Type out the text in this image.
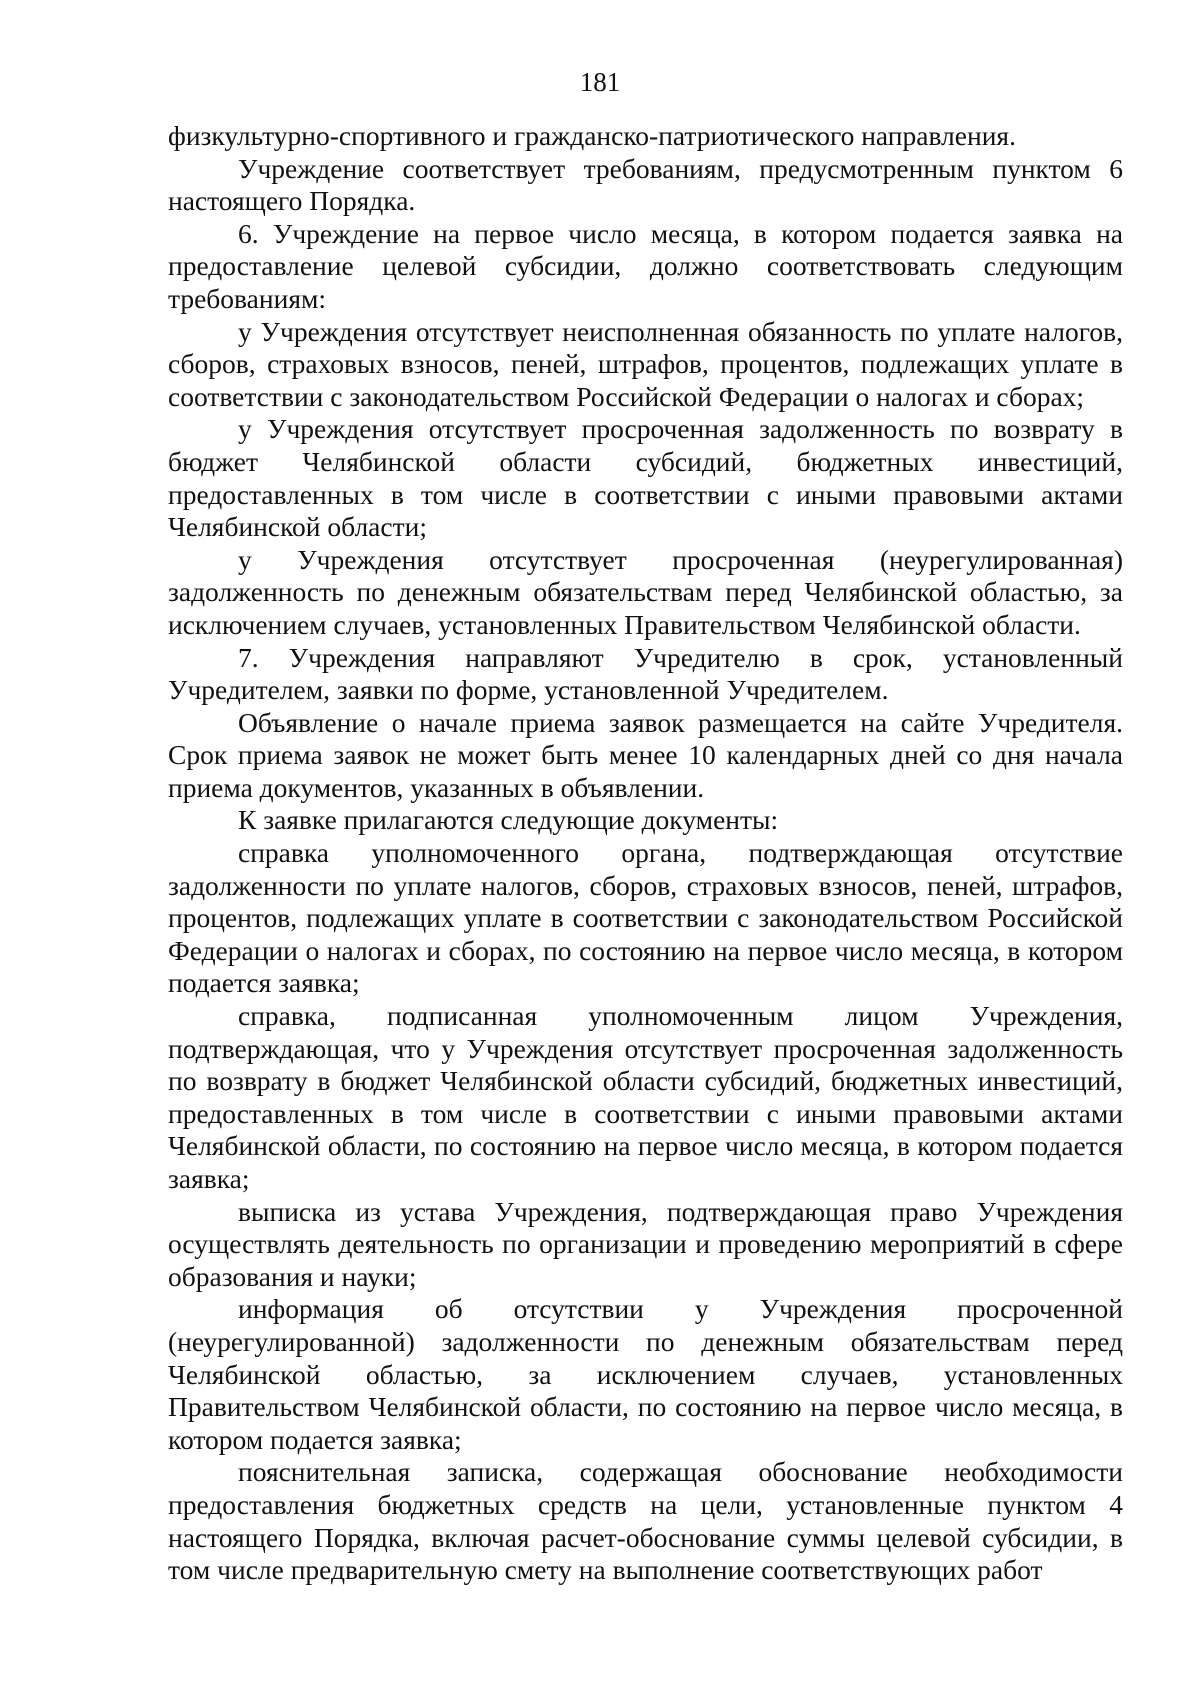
181

физкультурно-спортивного и гражданско-патриотического направления.

Учреждение соответствует требованиям, предусмотренным пунктом 6 настоящего Порядка.

6. Учреждение на первое число месяца, в котором подается заявка на предоставление целевой субсидии, должно соответствовать следующим требованиям:

у Учреждения отсутствует неисполненная обязанность по уплате налогов, сборов, страховых взносов, пеней, штрафов, процентов, подлежащих уплате в соответствии с законодательством Российской Федерации о налогах и сборах;

у Учреждения отсутствует просроченная задолженность по возврату в бюджет Челябинской области субсидий, бюджетных инвестиций, предоставленных в том числе в соответствии с иными правовыми актами Челябинской области;

у Учреждения отсутствует просроченная (неурегулированная) задолженность по денежным обязательствам перед Челябинской областью, за исключением случаев, установленных Правительством Челябинской области.

7. Учреждения направляют Учредителю в срок, установленный Учредителем, заявки по форме, установленной Учредителем.

Объявление о начале приема заявок размещается на сайте Учредителя. Срок приема заявок не может быть менее 10 календарных дней со дня начала приема документов, указанных в объявлении.

К заявке прилагаются следующие документы:

справка уполномоченного органа, подтверждающая отсутствие задолженности по уплате налогов, сборов, страховых взносов, пеней, штрафов, процентов, подлежащих уплате в соответствии с законодательством Российской Федерации о налогах и сборах, по состоянию на первое число месяца, в котором подается заявка;

справка, подписанная уполномоченным лицом Учреждения, подтверждающая, что у Учреждения отсутствует просроченная задолженность по возврату в бюджет Челябинской области субсидий, бюджетных инвестиций, предоставленных в том числе в соответствии с иными правовыми актами Челябинской области, по состоянию на первое число месяца, в котором подается заявка;

выписка из устава Учреждения, подтверждающая право Учреждения осуществлять деятельность по организации и проведению мероприятий в сфере образования и науки;

информация об отсутствии у Учреждения просроченной (неурегулированной) задолженности по денежным обязательствам перед Челябинской областью, за исключением случаев, установленных Правительством Челябинской области, по состоянию на первое число месяца, в котором подается заявка;

пояснительная записка, содержащая обоснование необходимости предоставления бюджетных средств на цели, установленные пунктом 4 настоящего Порядка, включая расчет-обоснование суммы целевой субсидии, в том числе предварительную смету на выполнение соответствующих работ
